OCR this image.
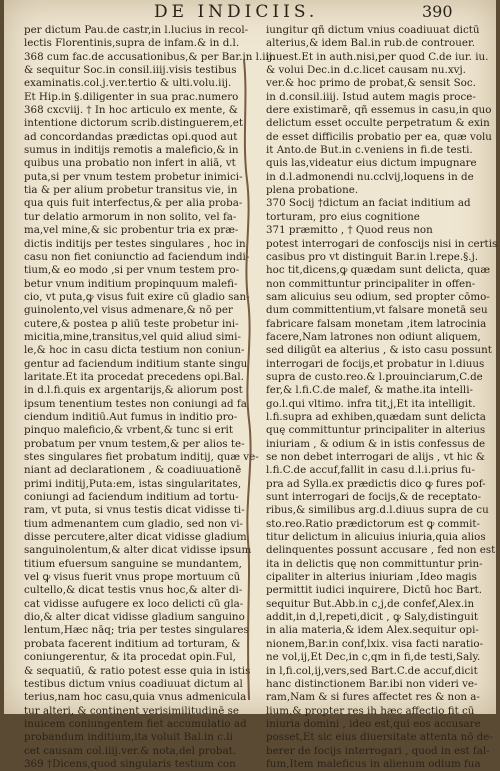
DE INDICIIS.	390
per dictum Pau.de castr,in l.lucius in recol-
lectis Florentinis,supra de infam.& in d.l.
368 cum fac.de accusationibus,& per Bar.in l.iij.
& sequitur Soc.in consil.iiij.visis testibus
examinatis.col.j.ver.tertio & ulti.volu.iij.
Et Hip.in §.diligenter in sua prac.numero
368 cxcviij. † In hoc articulo ex mente, &
intentione dictorum scrib.distinguerem,et
ad concordandas prædictas opi.quod aut
sumus in inditijs remotis a maleficio,& in
quibus una probatio non infert in aliā, vt
puta,si per vnum testem probetur inimici-
tia & per alium probetur transitus vie, in
qua quis fuit interfectus,& per alia proba-
tur delatio armorum in non solito, vel fa-
ma,vel mine,& sic probentur tria ex præ-
dictis inditijs per testes singulares , hoc in
casu non fiet coniunctio ad faciendum indi-
tium,& eo modo ,si per vnum testem pro-
betur vnum inditium propinquum malefi-
cio, vt puta,ꝙ visus fuit exire cū gladio san-
guinolento,vel visus admenare,& nō per
cutere,& postea p aliū teste probetur ini-
micitia,mine,transitus,vel quid aliud simi-
le,& hoc in casu dicta testium non coniun-
gentur ad faciendum inditium stante singu
laritate.Et ita procedat precedens opi.Bal.
in d.l.fi.quis ex argentarijs,& aliorum post
ipsum tenentium testes non coniungi ad fa
ciendum inditiū.Aut fumus in inditio pro-
pinquo maleficio,& vrbent,& tunc si erit
probatum per vnum testem,& per alios te-
stes singulares fiet probatum inditij, quæ ve-
niant ad declarationem , & coadiuuationē
primi inditij,Puta:em, istas singularitates,
coniungi ad faciendum inditium ad tortu-
ram, vt puta, si vnus testis dicat vidisse ti-
tium admenantem cum gladio, sed non vi-
disse percutere,alter dicat vidisse gladium
sanguinolentum,& alter dicat vidisse ipsum
titium efuersum sanguine se mundantem,
vel ꝙ visus fuerit vnus prope mortuum cū
cultello,& dicat testis vnus hoc,& alter di-
cat vidisse aufugere ex loco delicti cū gla-
dio,& alter dicat vidisse gladium sanguino
lentum,Hæc nāq; tria per testes singulares
probata facerent inditium ad torturam, &
coniungerentur, & ita procedat opin.Ful,
& sequatiū, & ratio potest esse quia in istis
testibus dictum vnius coadiuuat dictum al
terius,nam hoc casu,quia vnus admenicula
tur alteri, & continent verisimilitudinē se
inuicem coniungentem fiet accumulatio ad
probandum inditium,ita voluit Bal.in c.li
cet causam col.iiij.ver.& nota,del probat.
369 †Dicens,quod singularis testium con
iungitur qñ dictum vnius coadiuuat dictū
alterius,& idem Bal.in rub.de controuer.
inuest.Et in auth.nisi,per quod C.de iur. iu.
& volui Dec.in d.c.licet causam nu.xvj.
ver.& hoc primo de probat,& sensit Soc.
in d.consil.iiij. Istud autem magis proce-
dere existimarē, qñ essemus in casu,in quo
delictum esset occulte perpetratum & exin
de esset difficilis probatio per ea, quæ volu
it Anto.de But.in c.veniens in fi.de testi.
quis las,videatur eius dictum impugnare
in d.l.admonendi nu.cclvij,loquens in de
plena probatione.
370 Socij †dictum an faciat inditium ad
torturam, pro eius cognitione
371 præmitto , † Quod reus non
potest interrogari de confoscijs nisi in certis
casibus pro vt distinguit Bar.in l.repe.§.j.
hoc tit,dicens,ꝙ quædam sunt delicta, quæ
non committuntur principaliter in offen-
sam alicuius seu odium, sed propter cōmo-
dum committentium,vt falsare monetā seu
fabricare falsam monetam ,item latrocinia
facere,Nam latrones non odiunt aliquem,
sed diligūt ea alterius , & isto casu possunt
interrogari de focijs,et probatur in l.diuus
supra de custo.reo.& l.prouinciarum,C.de
fer,& l.fi.C.de malef, & mathe.ita intelli-
go.l.qui vltimo. infra tit,j,Et ita intelligit.
l.fi.supra ad exhiben,quædam sunt delicta
quę committuntur principaliter in alterius
iniuriam , & odium & in istis confessus de
se non debet interrogari de alijs , vt hic &
l.fi.C.de accuf,fallit in casu d.l.i.prius fu-
pra ad Sylla.ex prædictis dico ꝙ fures pof-
sunt interrogari de focijs,& de receptato-
ribus,& similibus arg.d.l.diuus supra de cu
sto.reo.Ratio prædictorum est ꝙ commit-
titur delictum in alicuius iniuria,quia alios
delinquentes possunt accusare , fed non est
ita in delictis quę non committuntur prin-
cipaliter in alterius iniuriam ,Ideo magis
permittit iudici inquirere, Dictū hoc Bart.
sequitur But.Abb.in c,j,de confef,Alex.in
addit,in d,l,repeti,dicit , ꝙ Saly,distinguit
in alia materia,& idem Alex.sequitur opi-
nionem,Bar.in conf,lxix. visa facti naratio-
ne vol,ij,Et Dec,in c,qm in fi,de testi,Saly.
in l,fi.col,ij,vers,sed Bart.C.de accuf,dicit
hanc distinctionem Bar.ibi non videri ve-
ram,Nam & si fures affectet res & non a-
lium,& propter res ih hæc affectio fit cū
iniuria domini , ideo est,qui eos accusare
posset,Et sic eius diuersitate attenta nō de-
berer de focijs interrogari , quod in est fal-
fum,Item maleficus in alienum odium fua
